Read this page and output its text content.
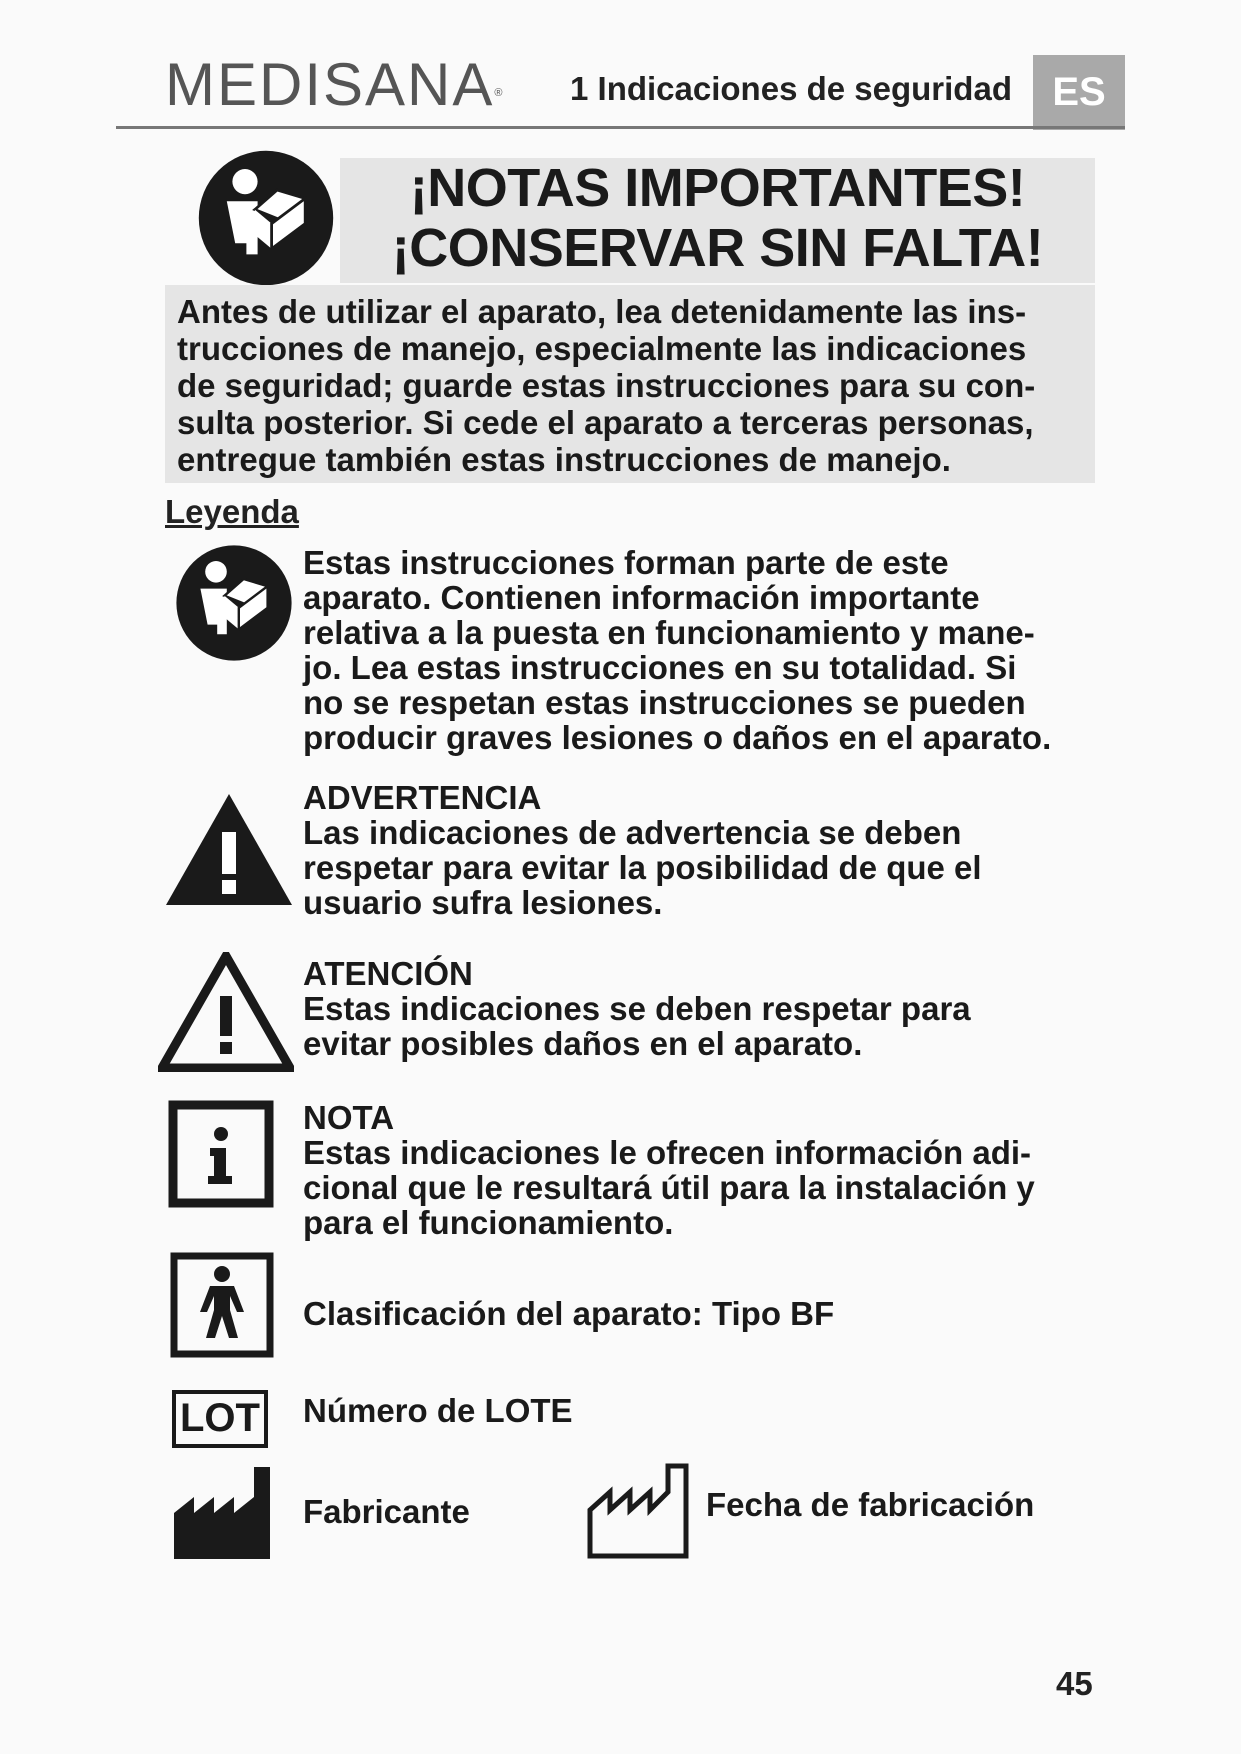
MEDISANA® 1 Indicaciones de seguridad	ES
¡NOTAS IMPORTANTES!
¡CONSERVAR SIN FALTA!

Antes de utilizar el aparato, lea detenidamente las ins-
trucciones de manejo, especialmente las indicaciones
de seguridad; guarde estas instrucciones para su con-
sulta posterior. Si cede el aparato a terceras personas,
entregue también estas instrucciones de manejo.

Leyenda
Estas instrucciones forman parte de este
aparato. Contienen información importante
relativa a la puesta en funcionamiento y mane-
jo. Lea estas instrucciones en su totalidad. Si
no se respetan estas instrucciones se pueden
producir graves lesiones o daños en el aparato.
ADVERTENCIA
Las indicaciones de advertencia se deben
respetar para evitar la posibilidad de que el
usuario sufra lesiones.
ATENCIÓN
Estas indicaciones se deben respetar para
evitar posibles daños en el aparato.
NOTA
Estas indicaciones le ofrecen información adi-
cional que le resultará útil para la instalación y
para el funcionamiento.
Clasificación del aparato: Tipo BF
LOT Número de LOTE
Fabricante	Fecha de fabricación
45
